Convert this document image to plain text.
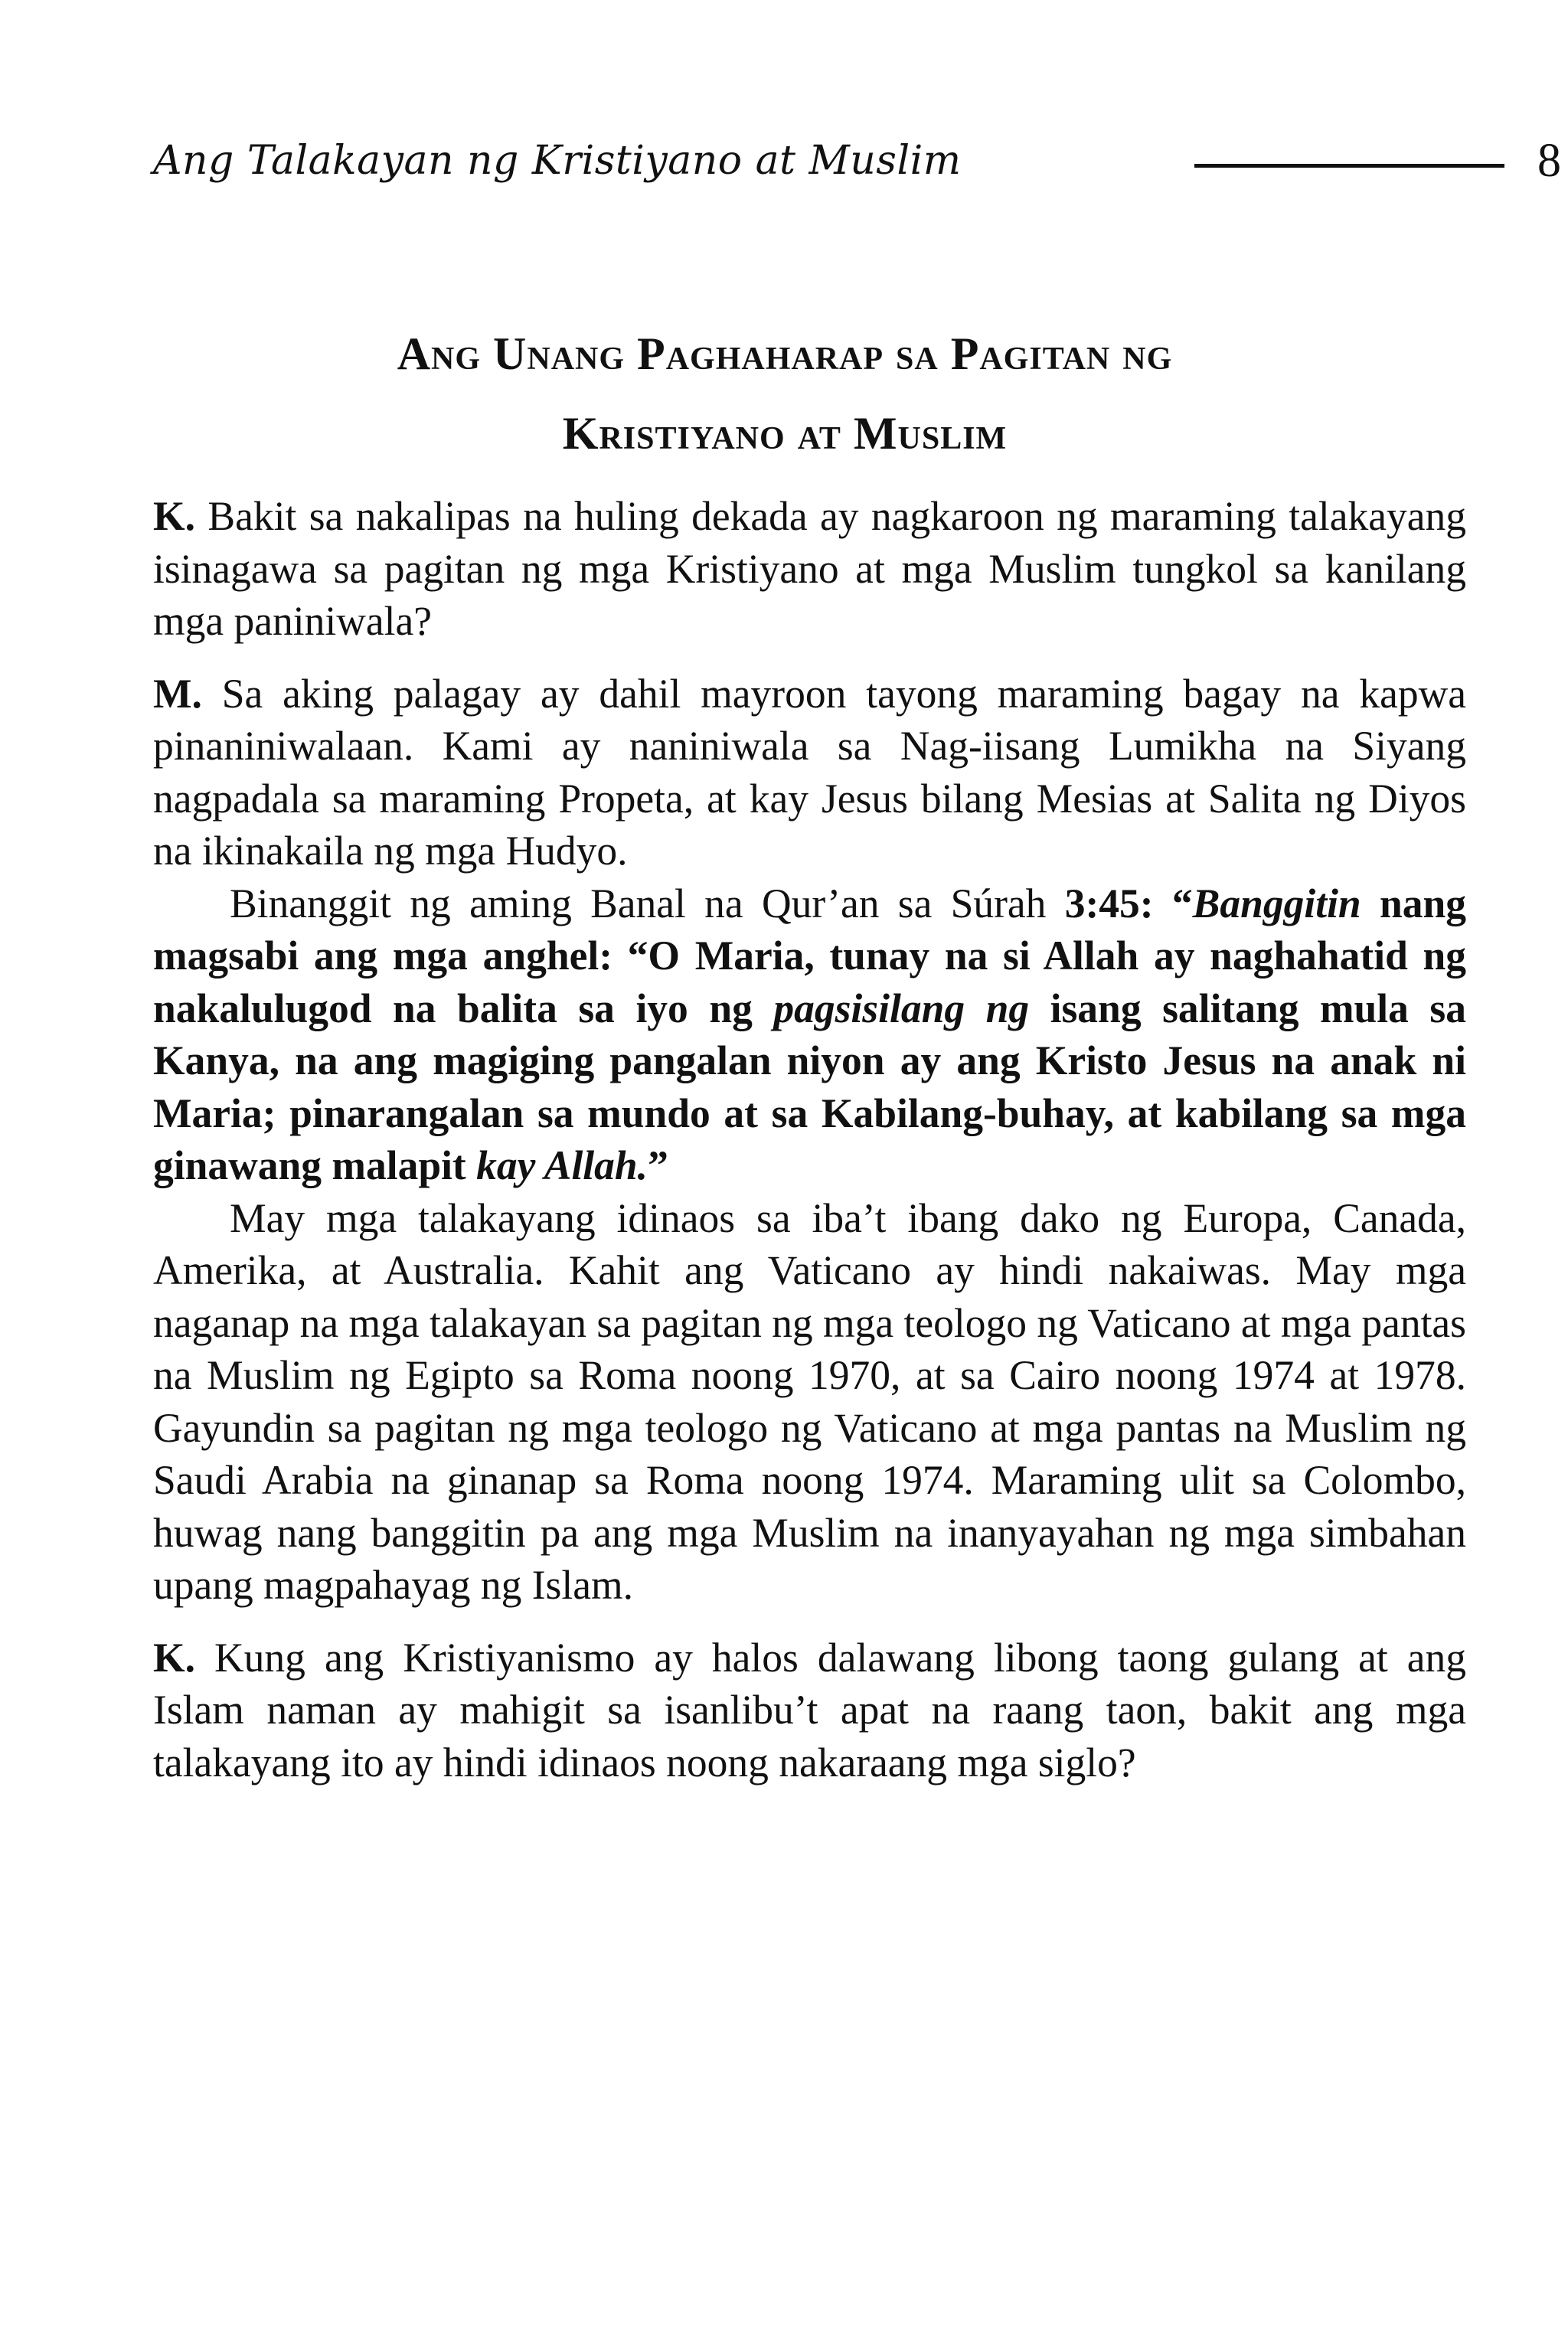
Ang Talakayan ng Kristiyano at Muslim	8
Ang Unang Paghaharap sa Pagitan ng
Kristiyano at Muslim

K. Bakit sa nakalipas na huling dekada ay nagkaroon ng maraming talakayang isinagawa sa pagitan ng mga Kristiyano at mga Muslim tungkol sa kanilang mga paniniwala?

M. Sa aking palagay ay dahil mayroon tayong maraming bagay na kapwa pinaniniwalaan. Kami ay naniniwala sa Nag-iisang Lumikha na Siyang nagpadala sa maraming Propeta, at kay Jesus bilang Mesias at Salita ng Diyos na ikinakaila ng mga Hudyo.

Binanggit ng aming Banal na Qur’an sa Súrah 3:45: “Banggitin nang magsabi ang mga anghel: “O Maria, tunay na si Allah ay naghahatid ng nakalulugod na balita sa iyo ng pagsisilang ng isang salitang mula sa Kanya, na ang magiging pangalan niyon ay ang Kristo Jesus na anak ni Maria; pinarangalan sa mundo at sa Kabilang-buhay, at kabilang sa mga ginawang malapit kay Allah.”

May mga talakayang idinaos sa iba’t ibang dako ng Europa, Canada, Amerika, at Australia. Kahit ang Vaticano ay hindi nakaiwas. May mga naganap na mga talakayan sa pagitan ng mga teologo ng Vaticano at mga pantas na Muslim ng Egipto sa Roma noong 1970, at sa Cairo noong 1974 at 1978. Gayundin sa pagitan ng mga teologo ng Vaticano at mga pantas na Muslim ng Saudi Arabia na ginanap sa Roma noong 1974. Maraming ulit sa Colombo, huwag nang banggitin pa ang mga Muslim na inanyayahan ng mga simbahan upang magpahayag ng Islam.

K. Kung ang Kristiyanismo ay halos dalawang libong taong gulang at ang Islam naman ay mahigit sa isanlibu’t apat na raang taon, bakit ang mga talakayang ito ay hindi idinaos noong nakaraang mga siglo?
